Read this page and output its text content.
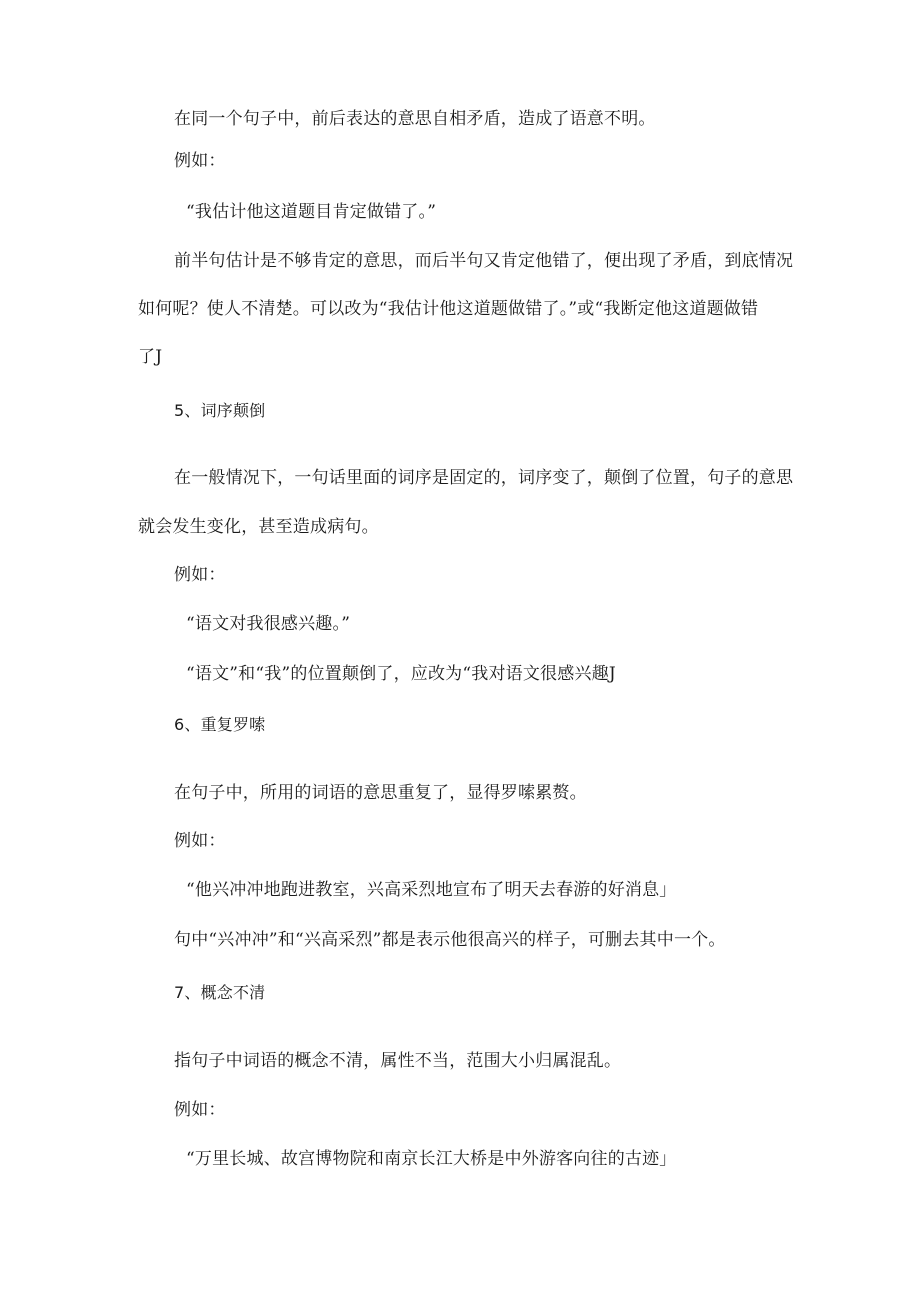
在同一个句子中，前后表达的意思自相矛盾，造成了语意不明。

例如：

“我估计他这道题目肯定做错了。”

前半句估计是不够肯定的意思，而后半句又肯定他错了，便出现了矛盾，到底情况

如何呢？使人不清楚。可以改为“我估计他这道题做错了。”或“我断定他这道题做错

了J

5、词序颠倒

在一般情况下，一句话里面的词序是固定的，词序变了，颠倒了位置，句子的意思

就会发生变化，甚至造成病句。

例如：

“语文对我很感兴趣。”

“语文”和“我”的位置颠倒了，应改为“我对语文很感兴趣J

6、重复罗嗦

在句子中，所用的词语的意思重复了，显得罗嗦累赘。

例如：

“他兴冲冲地跑进教室，兴高采烈地宣布了明天去春游的好消息」

句中“兴冲冲”和“兴高采烈”都是表示他很高兴的样子，可删去其中一个。

7、概念不清

指句子中词语的概念不清，属性不当，范围大小归属混乱。

例如：

“万里长城、故宫博物院和南京长江大桥是中外游客向往的古迹」
